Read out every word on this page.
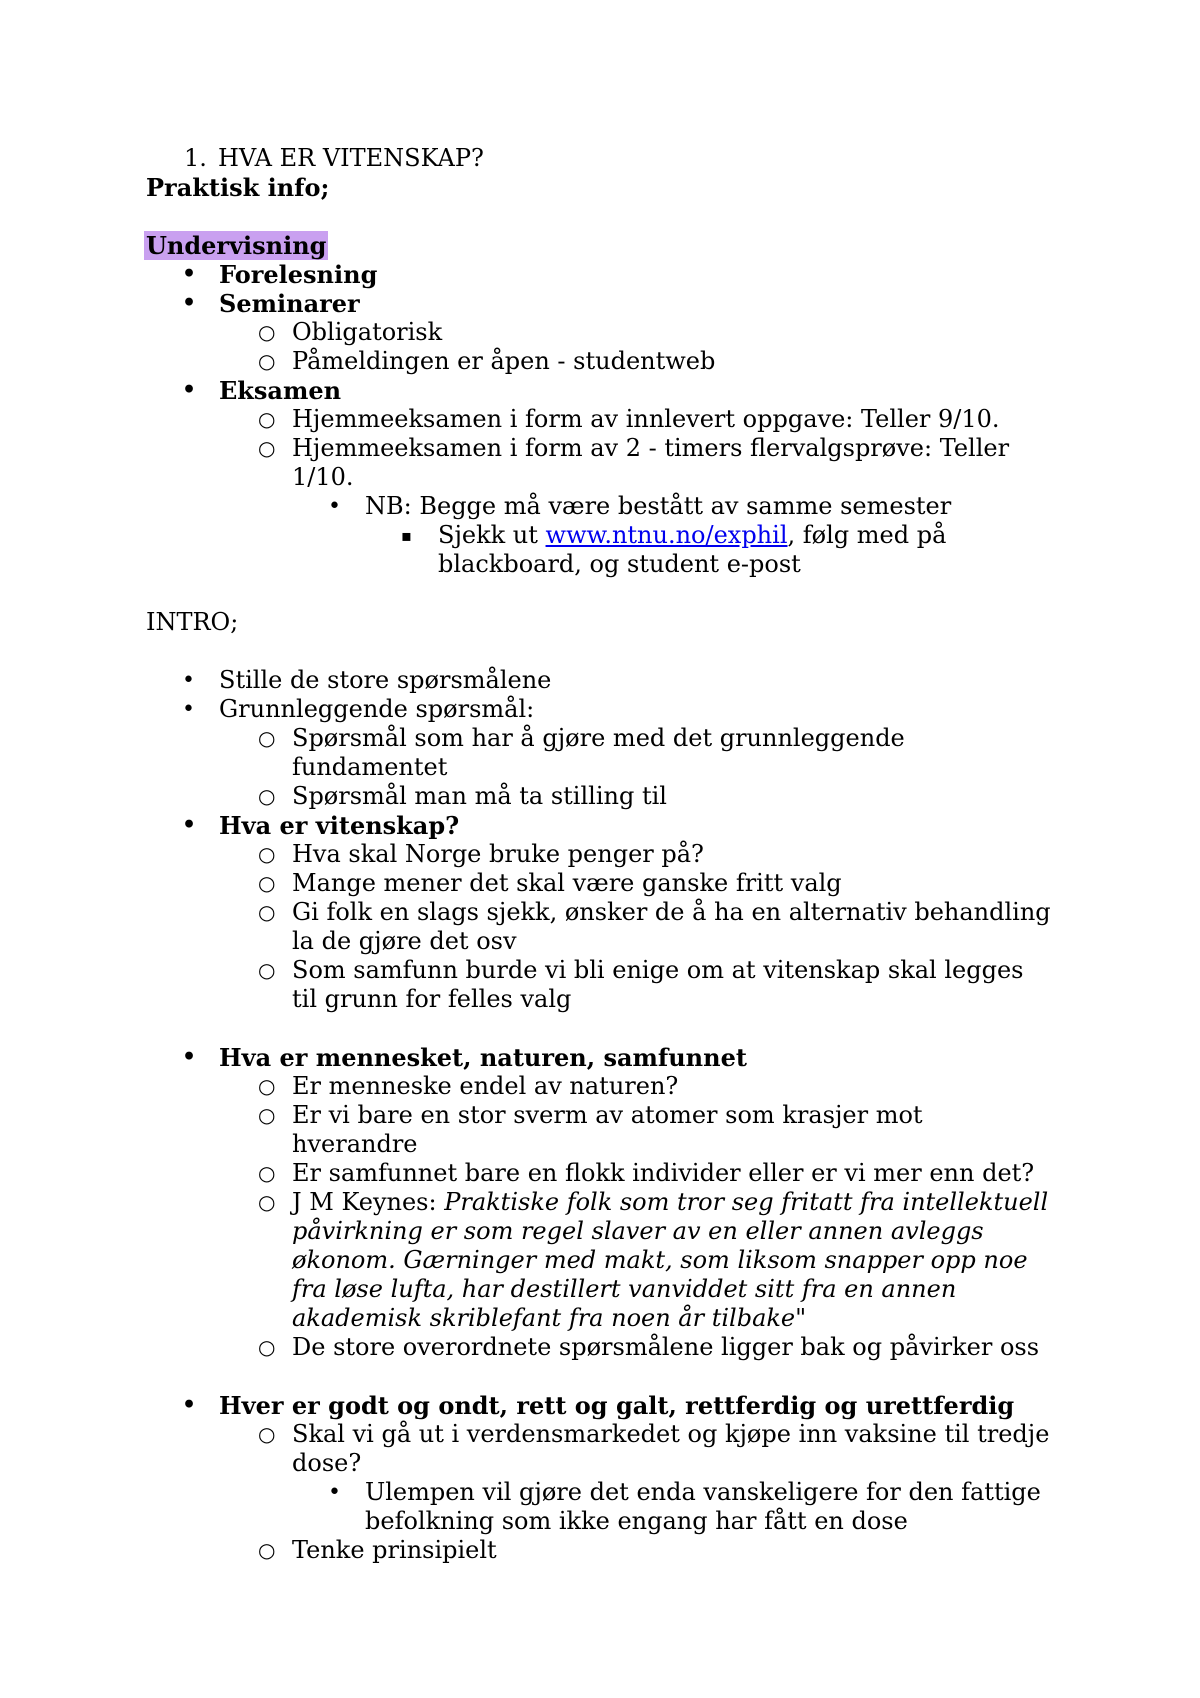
1. HVA ER VITENSKAP?
Praktisk info;
Undervisning
• Forelesning
• Seminarer
○ Obligatorisk
○ Påmeldingen er åpen - studentweb
• Eksamen
○ Hjemmeeksamen i form av innlevert oppgave: Teller 9/10.
○ Hjemmeeksamen i form av 2 - timers flervalgsprøve: Teller
1/10.
• NB: Begge må være bestått av samme semester
▪ Sjekk ut www.ntnu.no/exphil, følg med på
blackboard, og student e-post
INTRO;
• Stille de store spørsmålene
• Grunnleggende spørsmål:
○ Spørsmål som har å gjøre med det grunnleggende
fundamentet
○ Spørsmål man må ta stilling til
• Hva er vitenskap?
○ Hva skal Norge bruke penger på?
○ Mange mener det skal være ganske fritt valg
○ Gi folk en slags sjekk, ønsker de å ha en alternativ behandling
la de gjøre det osv
○ Som samfunn burde vi bli enige om at vitenskap skal legges
til grunn for felles valg
• Hva er mennesket, naturen, samfunnet
○ Er menneske endel av naturen?
○ Er vi bare en stor sverm av atomer som krasjer mot
hverandre
○ Er samfunnet bare en flokk individer eller er vi mer enn det?
○ J M Keynes: Praktiske folk som tror seg fritatt fra intellektuell
påvirkning er som regel slaver av en eller annen avleggs
økonom. Gærninger med makt, som liksom snapper opp noe
fra løse lufta, har destillert vanviddet sitt fra en annen
akademisk skriblefant fra noen år tilbake"
○ De store overordnete spørsmålene ligger bak og påvirker oss
• Hver er godt og ondt, rett og galt, rettferdig og urettferdig
○ Skal vi gå ut i verdensmarkedet og kjøpe inn vaksine til tredje
dose?
• Ulempen vil gjøre det enda vanskeligere for den fattige
befolkning som ikke engang har fått en dose
○ Tenke prinsipielt
